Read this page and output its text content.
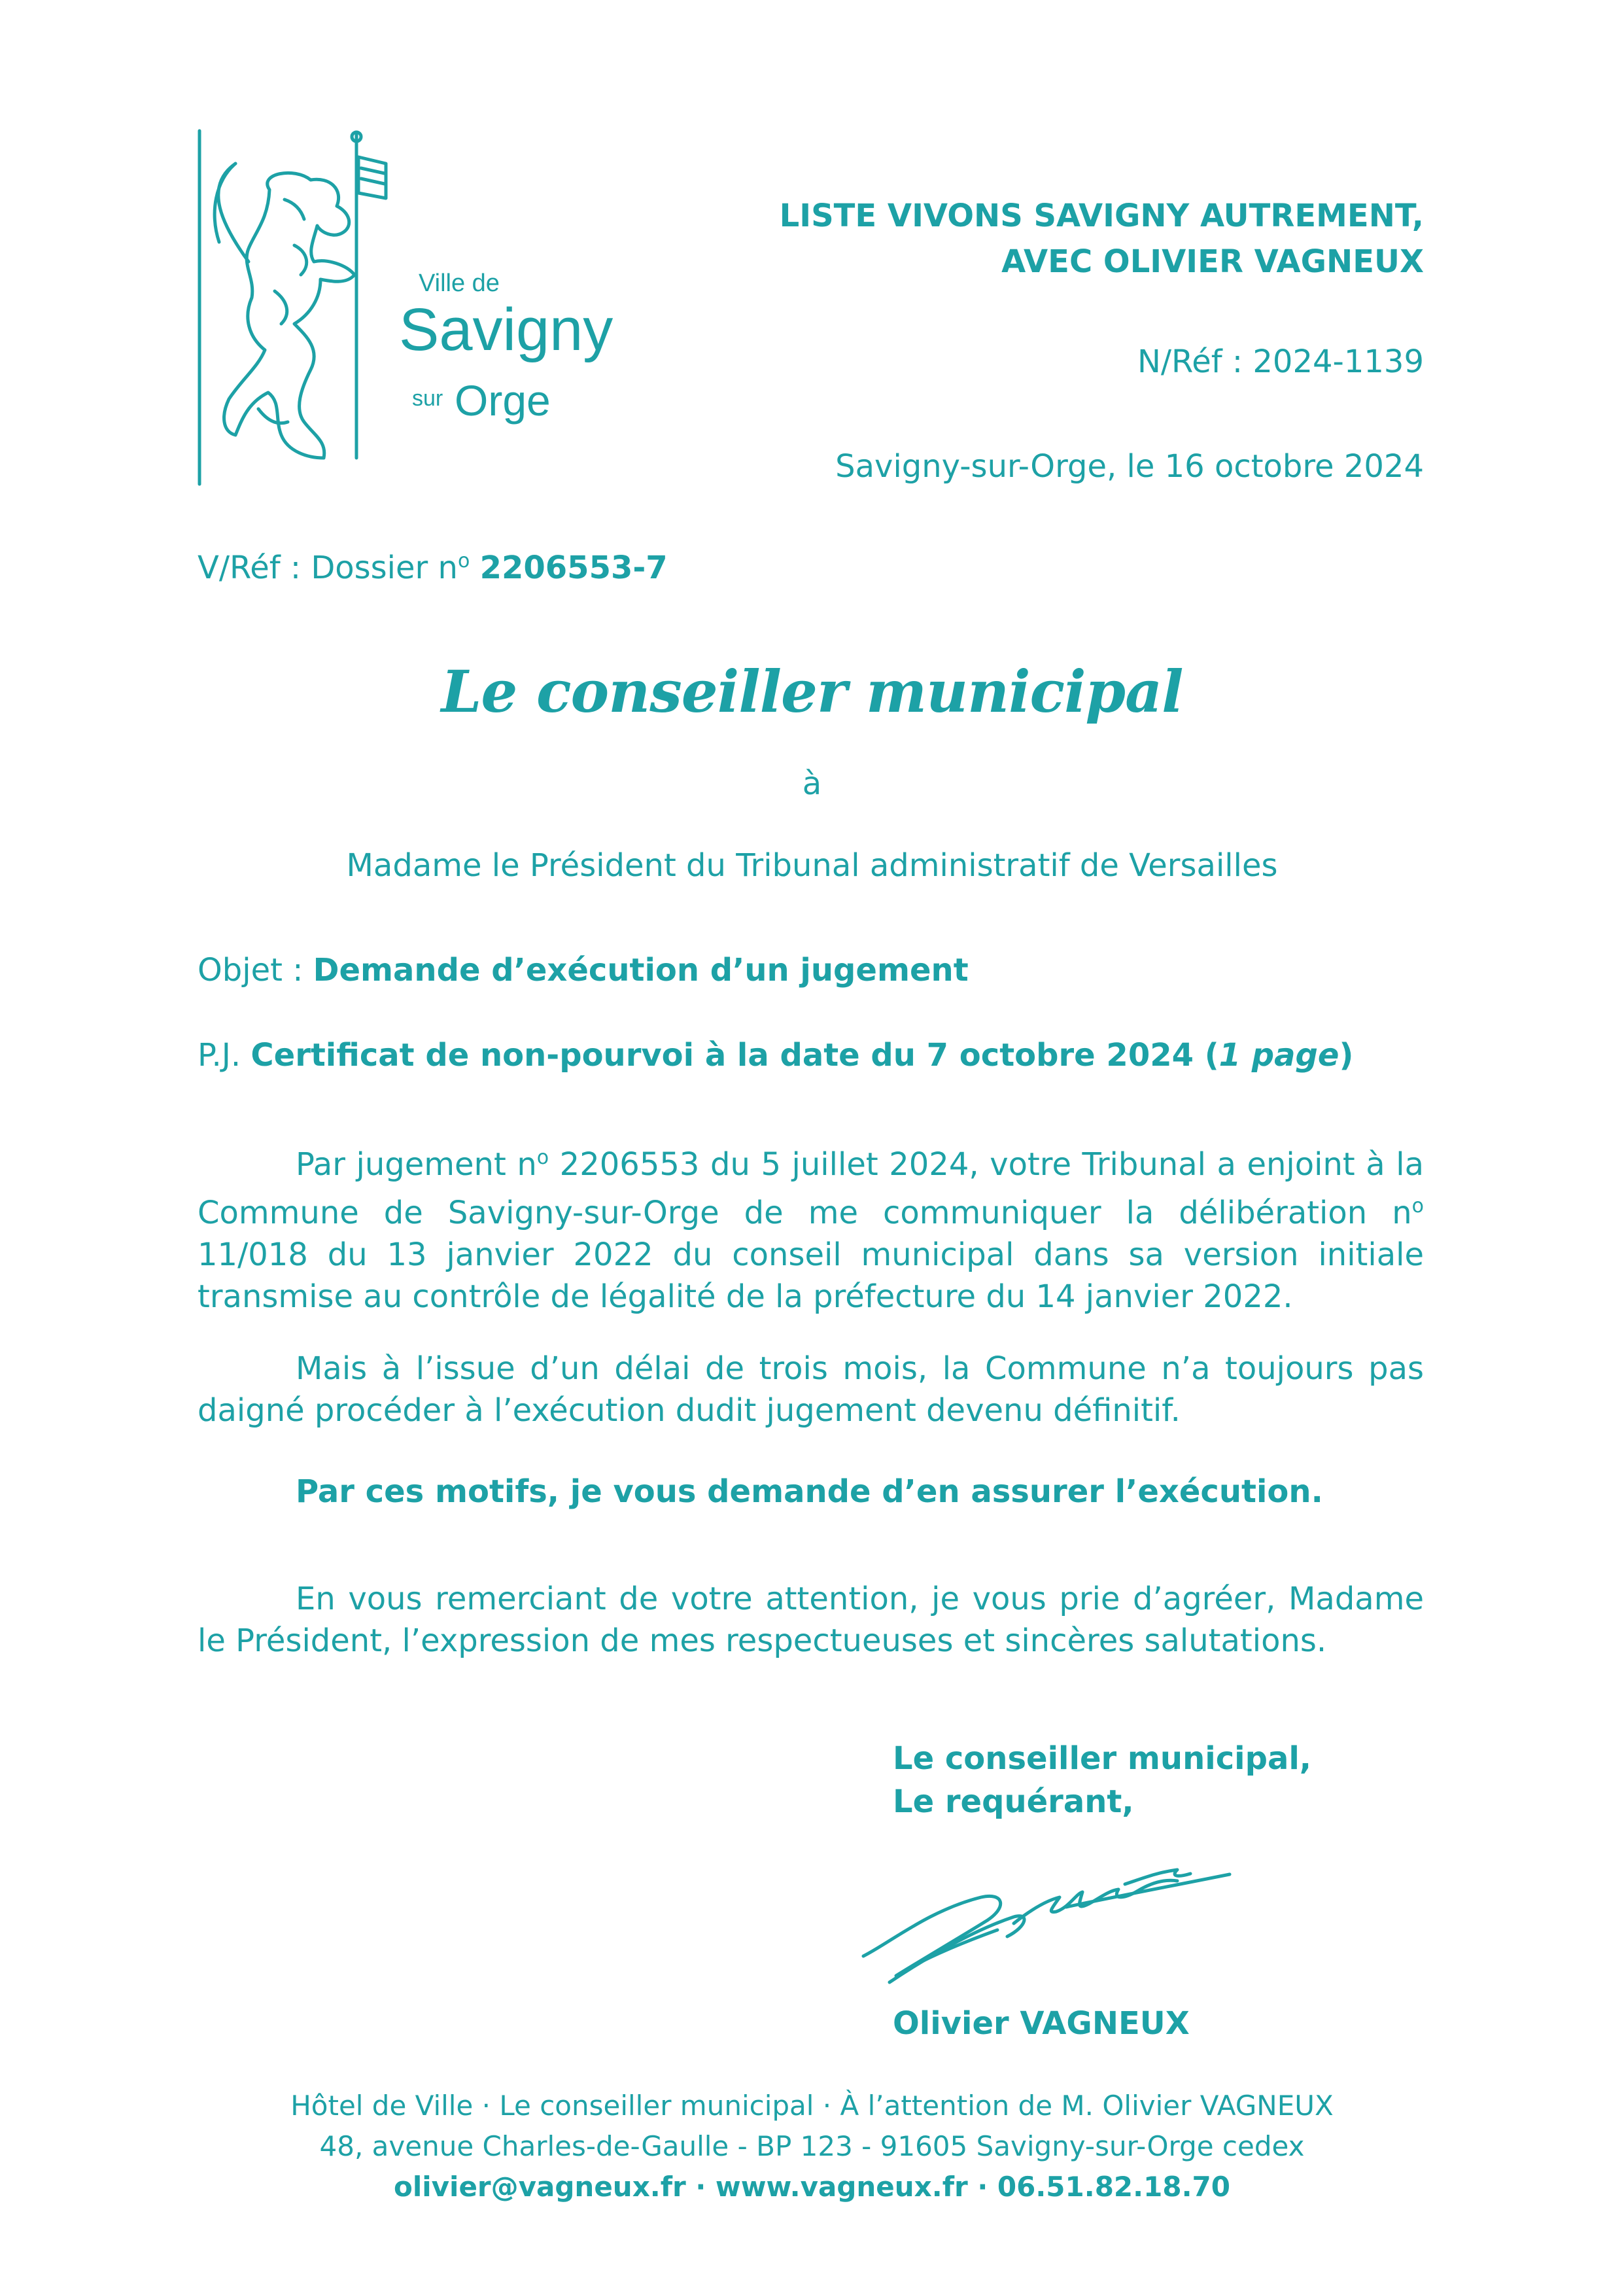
Ville de
Savigny
sur Orge
LISTE VIVONS SAVIGNY AUTREMENT,
AVEC OLIVIER VAGNEUX
N/Réf : 2024-1139
Savigny-sur-Orge, le 16 octobre 2024
V/Réf : Dossier $n^o$ 2206553-7
Le conseiller municipal
à
Madame le Président du Tribunal administratif de Versailles
Objet : Demande d’exécution d’un jugement
P.J. Certificat de non-pourvoi à la date du 7 octobre 2024 (1 page)
Par jugement $n^o$ 2206553 du 5 juillet 2024, votre Tribunal a enjoint à la Commune de Savigny-sur-Orge de me communiquer la délibération $n^o$ 11/018 du 13 janvier 2022 du conseil municipal dans sa version initiale transmise au contrôle de légalité de la préfecture du 14 janvier 2022.
Mais à l’issue d’un délai de trois mois, la Commune n’a toujours pas daigné procéder à l’exécution dudit jugement devenu définitif.
Par ces motifs, je vous demande d’en assurer l’exécution.
En vous remerciant de votre attention, je vous prie d’agréer, Madame le Président, l’expression de mes respectueuses et sincères salutations.
Le conseiller municipal,
Le requérant,
Olivier VAGNEUX
Hôtel de Ville · Le conseiller municipal · À l’attention de M. Olivier VAGNEUX
48, avenue Charles-de-Gaulle - BP 123 - 91605 Savigny-sur-Orge cedex
olivier@vagneux.fr · www.vagneux.fr · 06.51.82.18.70
